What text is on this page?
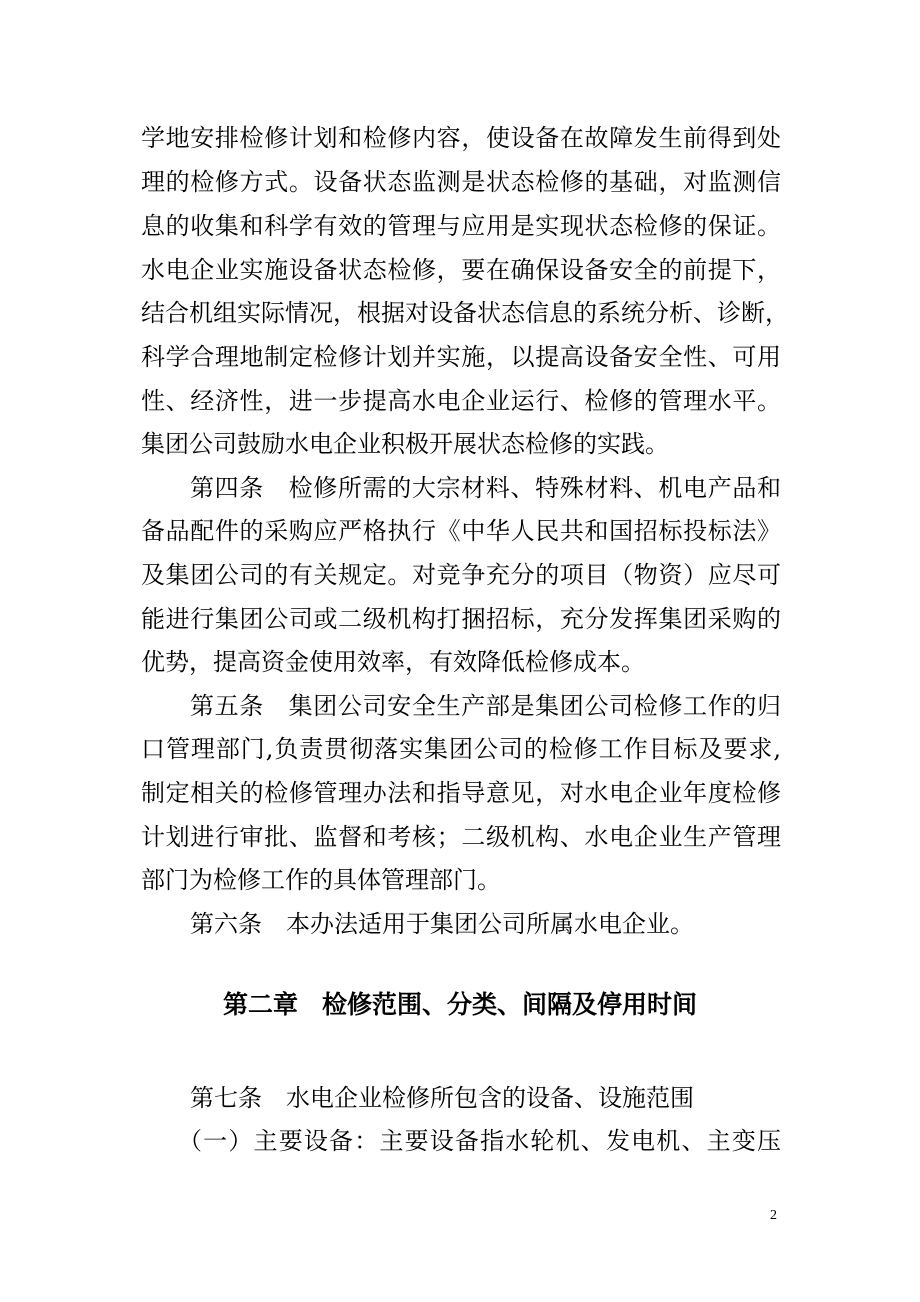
学地安排检修计划和检修内容，使设备在故障发生前得到处
理的检修方式。设备状态监测是状态检修的基础，对监测信
息的收集和科学有效的管理与应用是实现状态检修的保证。
水电企业实施设备状态检修，要在确保设备安全的前提下，
结合机组实际情况，根据对设备状态信息的系统分析、诊断，
科学合理地制定检修计划并实施，以提高设备安全性、可用
性、经济性，进一步提高水电企业运行、检修的管理水平。
集团公司鼓励水电企业积极开展状态检修的实践。
第四条 检修所需的大宗材料、特殊材料、机电产品和
备品配件的采购应严格执行《中华人民共和国招标投标法》
及集团公司的有关规定。对竞争充分的项目（物资）应尽可
能进行集团公司或二级机构打捆招标，充分发挥集团采购的
优势，提高资金使用效率，有效降低检修成本。
第五条 集团公司安全生产部是集团公司检修工作的归
口管理部门,负责贯彻落实集团公司的检修工作目标及要求,
制定相关的检修管理办法和指导意见，对水电企业年度检修
计划进行审批、监督和考核；二级机构、水电企业生产管理
部门为检修工作的具体管理部门。
第六条 本办法适用于集团公司所属水电企业。
第二章 检修范围、分类、间隔及停用时间
第七条 水电企业检修所包含的设备、设施范围
（一）主要设备：主要设备指水轮机、发电机、主变压
2
